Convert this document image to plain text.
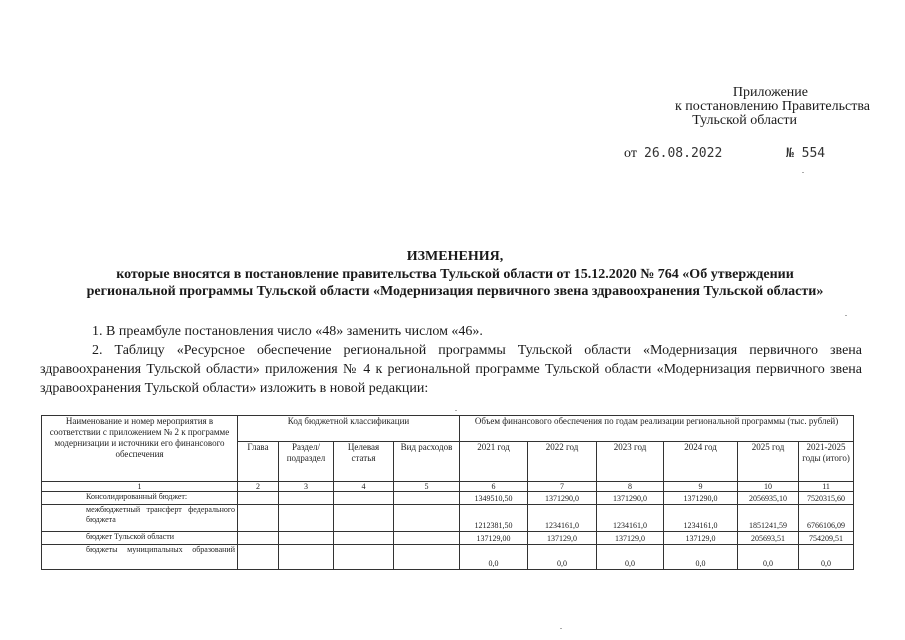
Приложение
к постановлению Правительства
Тульской области
от 26.08.2022	№ 554
ИЗМЕНЕНИЯ,
которые вносятся в постановление правительства Тульской области от 15.12.2020 № 764 «Об утверждении
региональной программы Тульской области «Модернизация первичного звена здравоохранения Тульской области»
1. В преамбуле постановления число «48» заменить числом «46».
2. Таблицу «Ресурсное обеспечение региональной программы Тульской области «Модернизация первичного звена здравоохранения Тульской области» приложения № 4 к региональной программе Тульской области «Модернизация первичного звена здравоохранения Тульской области» изложить в новой редакции:
Наименование и номер мероприятия в соответствии с приложением № 2 к программе модернизации и источники его финансового обеспечения	Код бюджетной классификации				Объем финансового обеспечения по годам реализации региональной программы (тыс. рублей)					
	Глава	Раздел/ подраздел	Целевая статья	Вид расходов	2021 год	2022 год	2023 год	2024 год	2025 год	2021-2025 годы (итого)
1	2	3	4	5	6	7	8	9	10	11
Консолидированный бюджет:					1349510,50	1371290,0	1371290,0	1371290,0	2056935,10	7520315,60
межбюджетный трансферт федерального бюджета					1212381,50	1234161,0	1234161,0	1234161,0	1851241,59	6766106,09
бюджет Тульской области					137129,00	137129,0	137129,0	137129,0	205693,51	754209,51
бюджеты муниципальных образований					0,0	0,0	0,0	0,0	0,0	0,0
